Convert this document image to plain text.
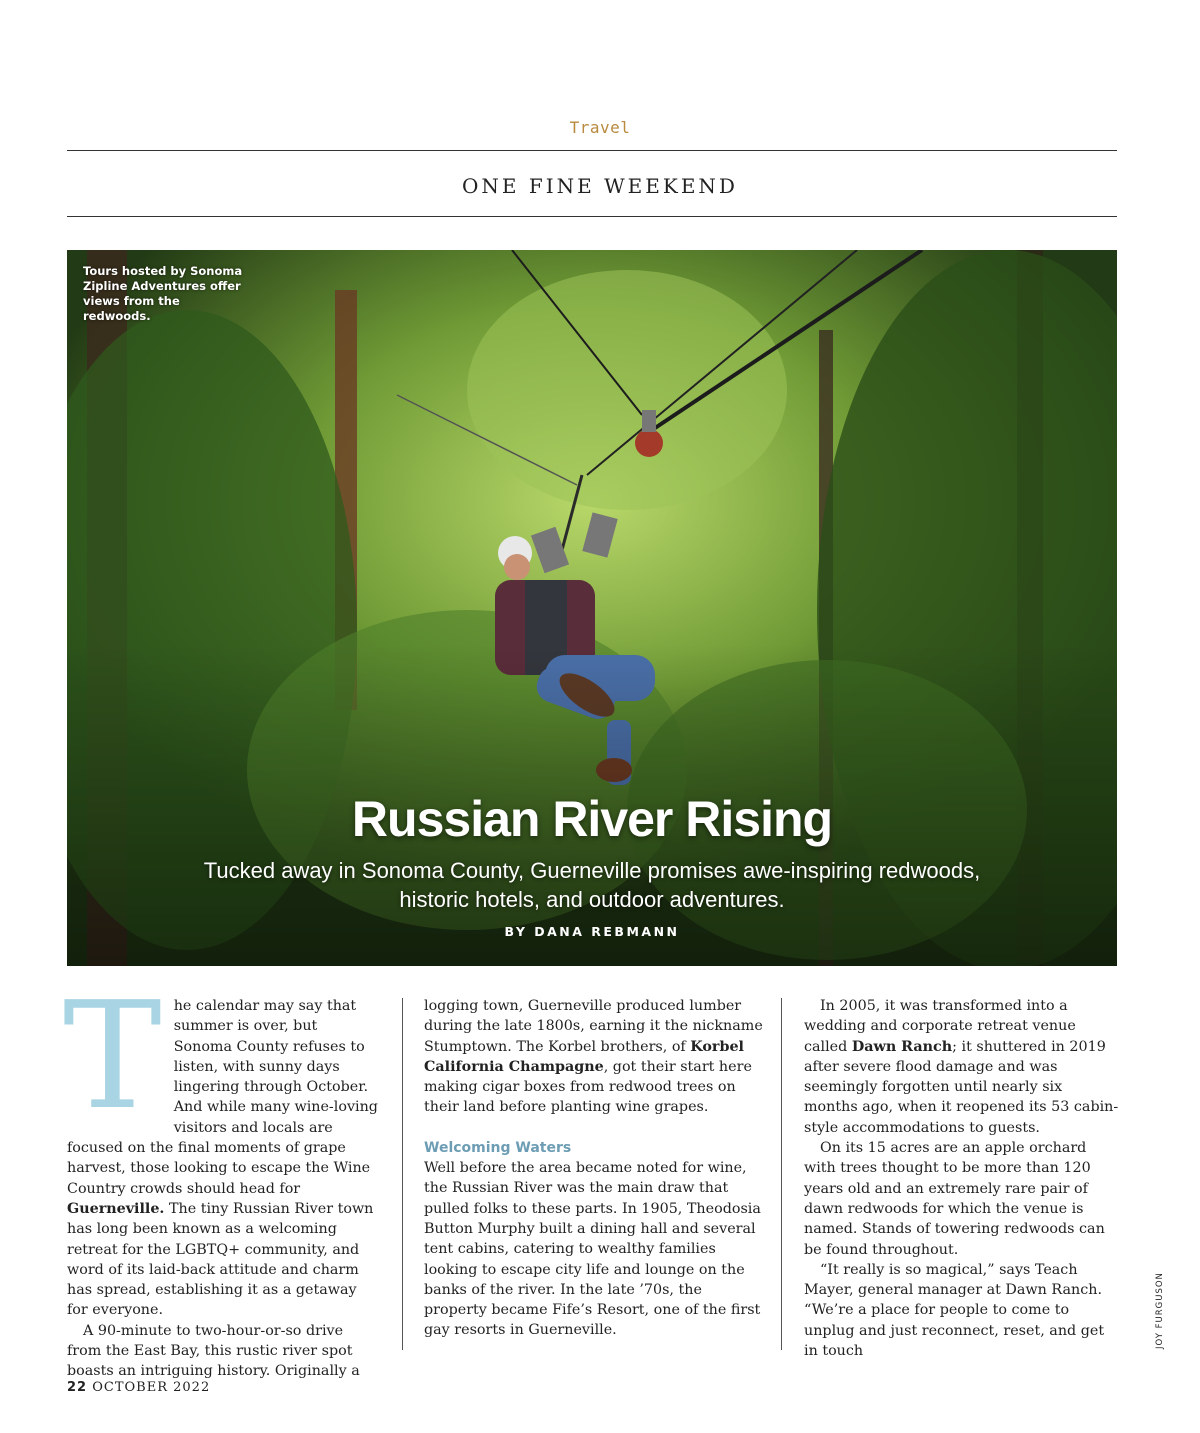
Travel
ONE FINE WEEKEND
Tours hosted by Sonoma Zipline Adventures offer views from the redwoods.
Russian River Rising
Tucked away in Sonoma County, Guerneville promises awe-inspiring redwoods, historic hotels, and outdoor adventures.
BY DANA REBMANN

The calendar may say that summer is over, but Sonoma County refuses to listen, with sunny days lingering through October. And while many wine-loving visitors and locals are focused on the final moments of grape harvest, those looking to escape the Wine Country crowds should head for Guerneville. The tiny Russian River town has long been known as a welcoming retreat for the LGBTQ+ community, and word of its laid-back attitude and charm has spread, establishing it as a getaway for everyone.

A 90-minute to two-hour-or-so drive from the East Bay, this rustic river spot boasts an intriguing history. Originally a

logging town, Guerneville produced lumber during the late 1800s, earning it the nickname Stumptown. The Korbel brothers, of Korbel California Champagne, got their start here making cigar boxes from redwood trees on their land before planting wine grapes.

Welcoming Waters

Well before the area became noted for wine, the Russian River was the main draw that pulled folks to these parts. In 1905, Theodosia Button Murphy built a dining hall and several tent cabins, catering to wealthy families looking to escape city life and lounge on the banks of the river. In the late ’70s, the property became Fife’s Resort, one of the first gay resorts in Guerneville.

In 2005, it was transformed into a wedding and corporate retreat venue called Dawn Ranch; it shuttered in 2019 after severe flood damage and was seemingly forgotten until nearly six months ago, when it reopened its 53 cabin-style accommodations to guests.

On its 15 acres are an apple orchard with trees thought to be more than 120 years old and an extremely rare pair of dawn redwoods for which the venue is named. Stands of towering redwoods can be found throughout.

“It really is so magical,” says Teach Mayer, general manager at Dawn Ranch. “We’re a place for people to come to unplug and just reconnect, reset, and get in touch

JOY FURGUSON
22 OCTOBER 2022
